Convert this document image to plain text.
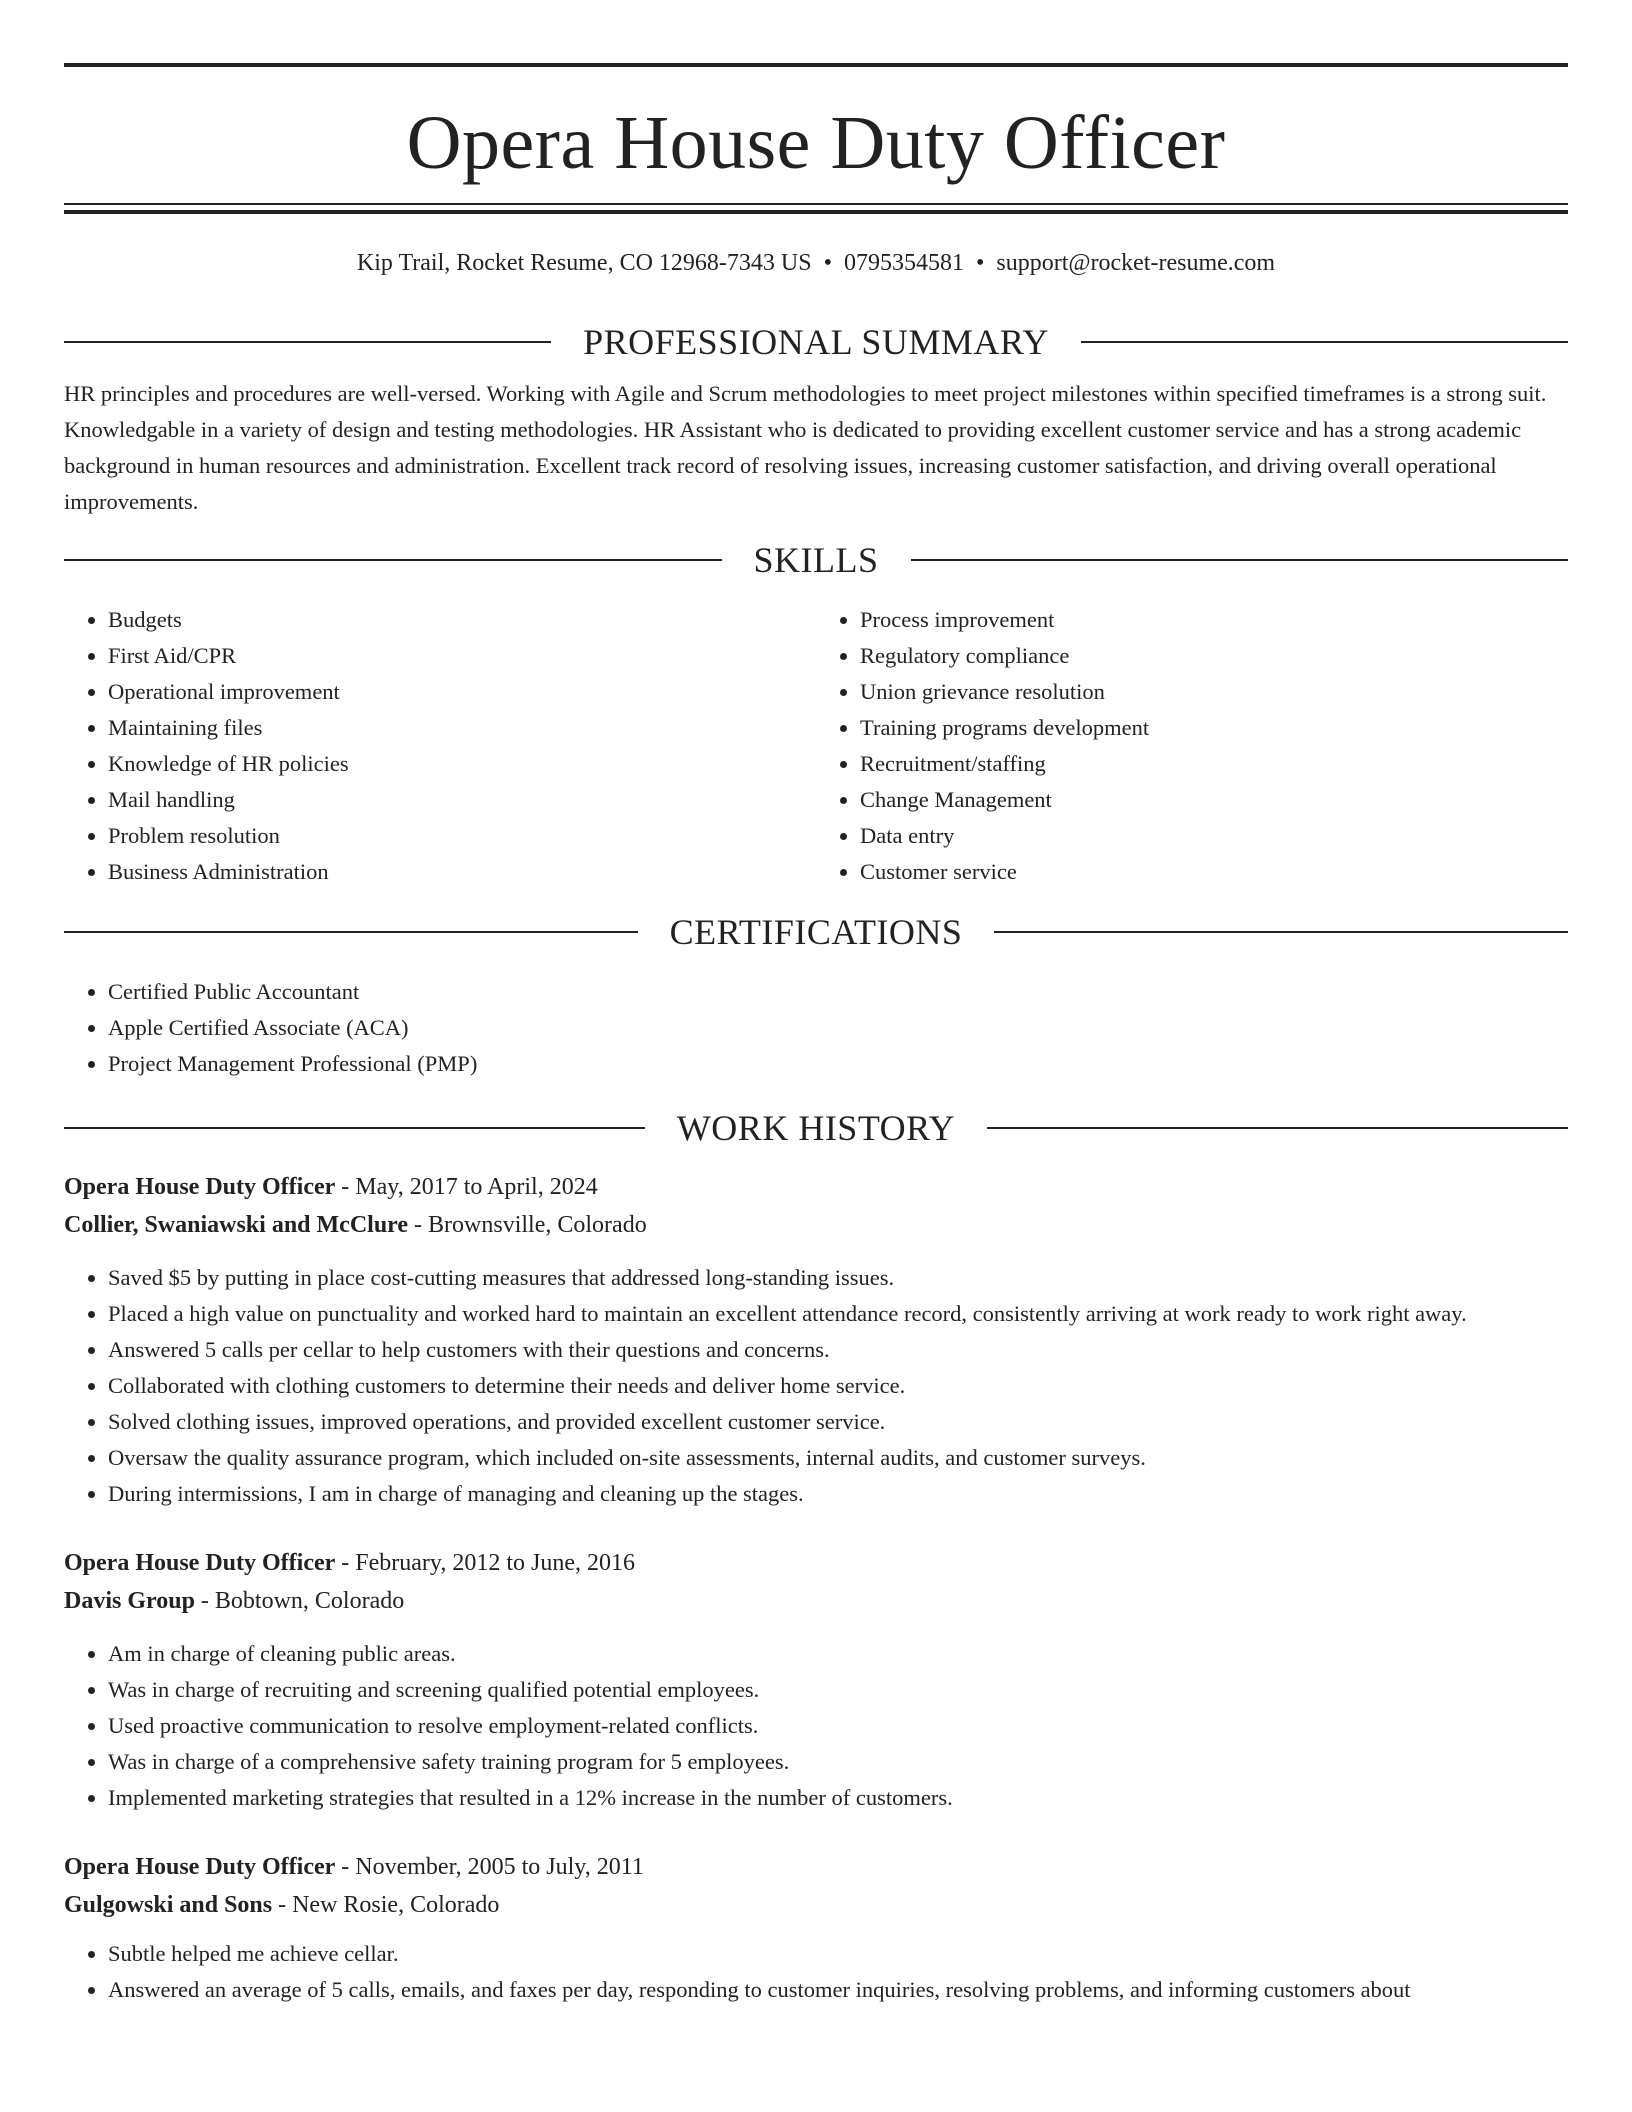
Opera House Duty Officer
Kip Trail, Rocket Resume, CO 12968-7343 US • 0795354581 • support@rocket-resume.com
PROFESSIONAL SUMMARY

HR principles and procedures are well-versed. Working with Agile and Scrum methodologies to meet project milestones within specified timeframes is a strong suit. Knowledgable in a variety of design and testing methodologies. HR Assistant who is dedicated to providing excellent customer service and has a strong academic background in human resources and administration. Excellent track record of resolving issues, increasing customer satisfaction, and driving overall operational improvements.

SKILLS
• Budgets
• First Aid/CPR
• Operational improvement
• Maintaining files
• Knowledge of HR policies
• Mail handling
• Problem resolution
• Business Administration
• Process improvement
• Regulatory compliance
• Union grievance resolution
• Training programs development
• Recruitment/staffing
• Change Management
• Data entry
• Customer service
CERTIFICATIONS
• Certified Public Accountant
• Apple Certified Associate (ACA)
• Project Management Professional (PMP)
WORK HISTORY
Opera House Duty Officer - May, 2017 to April, 2024
Collier, Swaniawski and McClure - Brownsville, Colorado
• Saved $5 by putting in place cost-cutting measures that addressed long-standing issues.
• Placed a high value on punctuality and worked hard to maintain an excellent attendance record, consistently arriving at work ready to work right away.
• Answered 5 calls per cellar to help customers with their questions and concerns.
• Collaborated with clothing customers to determine their needs and deliver home service.
• Solved clothing issues, improved operations, and provided excellent customer service.
• Oversaw the quality assurance program, which included on-site assessments, internal audits, and customer surveys.
• During intermissions, I am in charge of managing and cleaning up the stages.
Opera House Duty Officer - February, 2012 to June, 2016
Davis Group - Bobtown, Colorado
• Am in charge of cleaning public areas.
• Was in charge of recruiting and screening qualified potential employees.
• Used proactive communication to resolve employment-related conflicts.
• Was in charge of a comprehensive safety training program for 5 employees.
• Implemented marketing strategies that resulted in a 12% increase in the number of customers.
Opera House Duty Officer - November, 2005 to July, 2011
Gulgowski and Sons - New Rosie, Colorado
• Subtle helped me achieve cellar.
• Answered an average of 5 calls, emails, and faxes per day, responding to customer inquiries, resolving problems, and informing customers about
